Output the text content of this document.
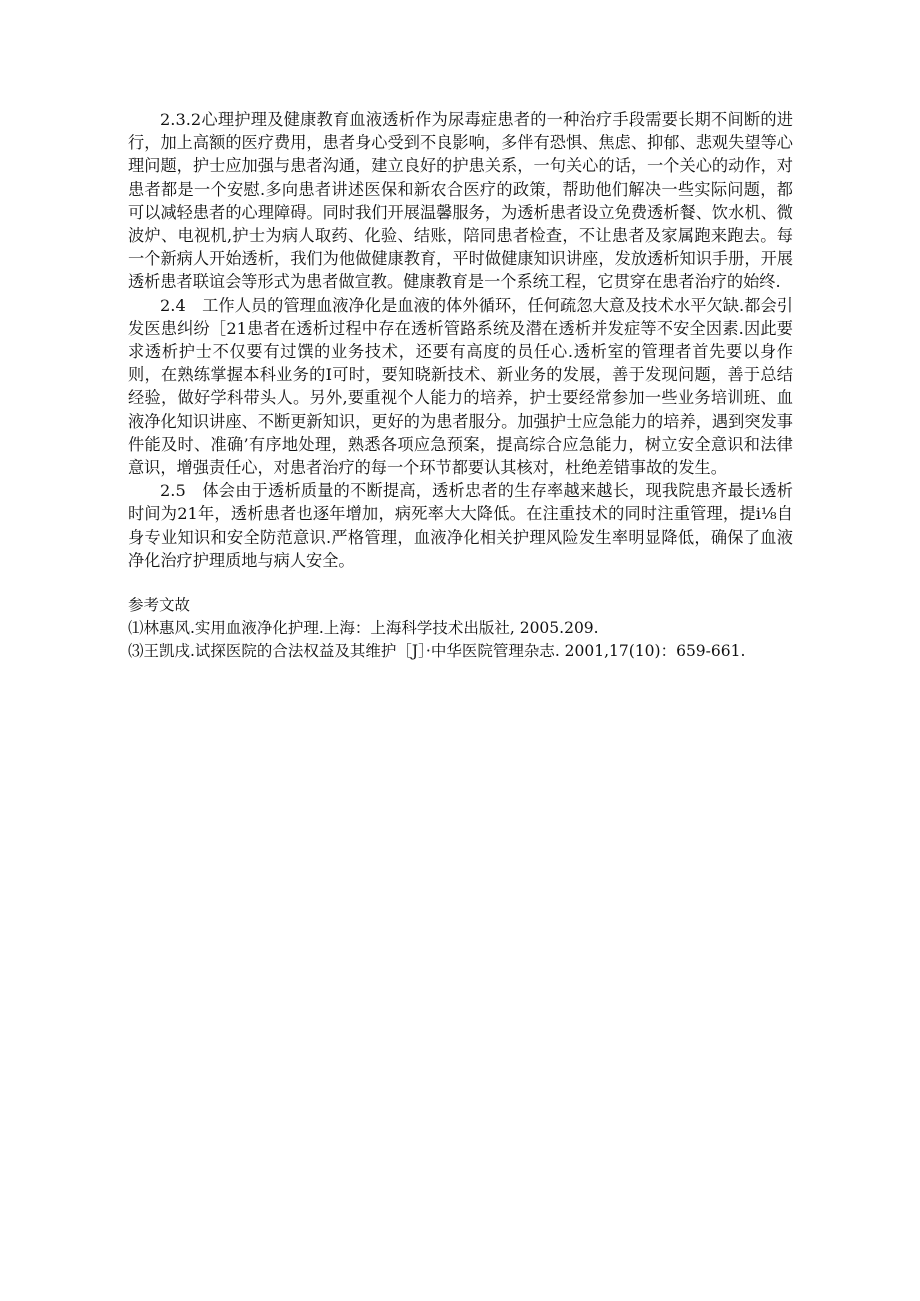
2.3.2心理护理及健康教育血液透析作为尿毒症患者的一种治疗手段需要长期不间断的进行，加上高额的医疗费用，患者身心受到不良影响，多伴有恐惧、焦虑、抑郁、悲观失望等心理问题，护士应加强与患者沟通，建立良好的护患关系，一句关心的话，一个关心的动作，对患者都是一个安慰.多向患者讲述医保和新农合医疗的政策，帮助他们解决一些实际问题，都可以减轻患者的心理障碍。同时我们开展温馨服务，为透析患者设立免费透析餐、饮水机、微波炉、电视机,护士为病人取药、化验、结账，陪同患者检查，不让患者及家属跑来跑去。每一个新病人开始透析，我们为他做健康教育，平时做健康知识讲座，发放透析知识手册，开展透析患者联谊会等形式为患者做宣教。健康教育是一个系统工程，它贯穿在患者治疗的始终.

2.4　工作人员的管理血液净化是血液的体外循环，任何疏忽大意及技术水平欠缺.都会引发医患纠纷［21患者在透析过程中存在透析管路系统及潜在透析并发症等不安全因素.因此要求透析护士不仅要有过馔的业务技术，还要有高度的员任心.透析室的管理者首先要以身作则，在熟练掌握本科业务的I可时，要知晓新技术、新业务的发展，善于发现问题，善于总结经验，做好学科带头人。另外,要重视个人能力的培养，护士要经常参加一些业务培训班、血液净化知识讲座、不断更新知识，更好的为患者服分。加强护士应急能力的培养，遇到突发事件能及时、准确’有序地处理，熟悉各项应急预案，提高综合应急能力，树立安全意识和法律意识，增强责任心，对患者治疗的每一个环节都要认其核对，杜绝差错事故的发生。

2.5　体会由于透析质量的不断提高，透析忠者的生存率越来越长，现我院患齐最长透析时间为21年，透析患者也逐年增加，病死率大大降低。在注重技术的同时注重管理，提i⅛自身专业知识和安全防范意识.严格管理，血液净化相关护理风险发生率明显降低，确保了血液净化治疗护理质地与病人安全。

参考文故

⑴林惠风.实用血液净化护理.上海：上海科学技术出版社, 2005.209.

⑶王凯戌.试探医院的合法权益及其维护［J］·中华医院管理杂志. 2001,17(10)：659-661.
